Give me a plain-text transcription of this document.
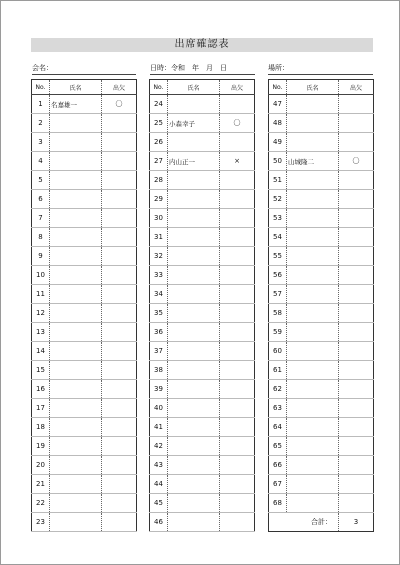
出席確認表
会名：	日時：令和　年　月　日	場所：
No.	氏名	出欠
1	名嘉雄一	〇
2		
3		
4		
5		
6		
7		
8		
9		
10		
11		
12		
13		
14		
15		
16		
17		
18		
19		
20		
21		
22		
23		
No.	氏名	出欠
24		
25	小森幸子	〇
26		
27	内山正一	×
28		
29		
30		
31		
32		
33		
34		
35		
36		
37		
38		
39		
40		
41		
42		
43		
44		
45		
46		
No.	氏名	出欠
47		
48		
49		
50	山城隆二	〇
51		
52		
53		
54		
55		
56		
57		
58		
59		
60		
61		
62		
63		
64		
65		
66		
67		
68		
合計：		3
